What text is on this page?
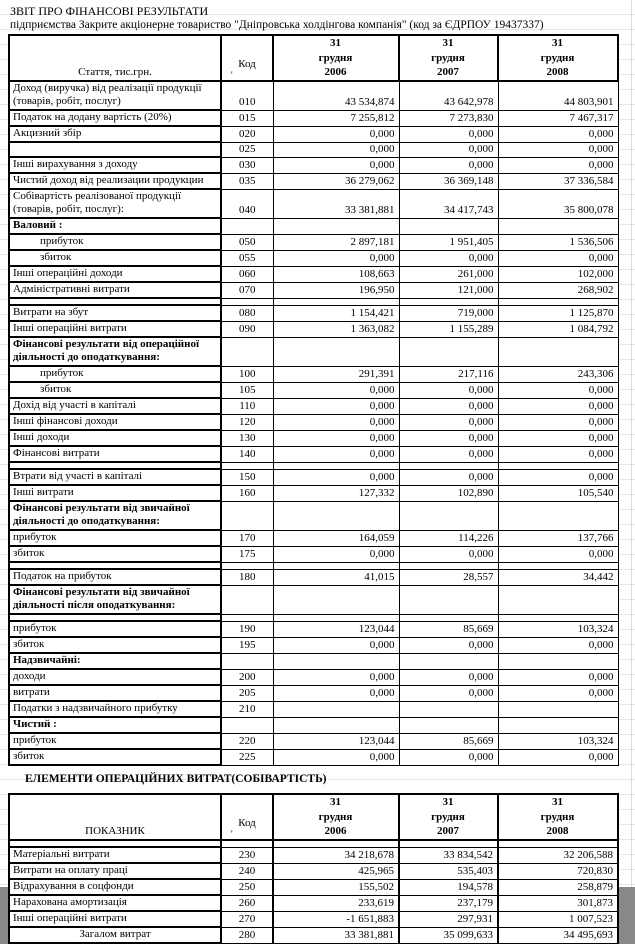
ЗВІТ ПРО ФІНАНСОВІ РЕЗУЛЬТАТИ
підприємства Закрите акціонерне товариство "Дніпровська холдінгова компанія" (код за ЄДРПОУ 19437337)
Стаття, тис.грн.	Код
'	31
грудня
2006	31
грудня
2007	31
грудня
2008

Доход (виручка) від реалізації продукції (товарів, робіт, послуг)	010	43 534,874	43 642,978	44 803,901
Податок на додану вартість (20%)	015	7 255,812	7 273,830	7 467,317
Акцизний збір	020	0,000	0,000	0,000
	025	0,000	0,000	0,000
Інші вирахування з доходу	030	0,000	0,000	0,000
Чистий доход від реализации продукции	035	36 279,062	36 369,148	37 336,584
Собівартість реалізованої продукції (товарів, робіт, послуг):	040	33 381,881	34 417,743	35 800,078
Валовий :				
прибуток	050	2 897,181	1 951,405	1 536,506
збиток	055	0,000	0,000	0,000
Інші операційні доходи	060	108,663	261,000	102,000
Адміністративні витрати	070	196,950	121,000	268,902

Витрати на збут	080	1 154,421	719,000	1 125,870
Інші операційні витрати	090	1 363,082	1 155,289	1 084,792
Фінансові результати від операційної діяльності до оподаткування:				
прибуток	100	291,391	217,116	243,306
збиток	105	0,000	0,000	0,000
Дохід від участі в капіталі	110	0,000	0,000	0,000
Інші фінансові доходи	120	0,000	0,000	0,000
Інші доходи	130	0,000	0,000	0,000
Фінансові витрати	140	0,000	0,000	0,000

Втрати від участі в капіталі	150	0,000	0,000	0,000
Інші витрати	160	127,332	102,890	105,540
Фінансові результати від звичайної діяльності до оподаткування:				
прибуток	170	164,059	114,226	137,766
збиток	175	0,000	0,000	0,000

Податок на прибуток	180	41,015	28,557	34,442
Фінансові результати від звичайної діяльності після оподаткування:				

прибуток	190	123,044	85,669	103,324
збиток	195	0,000	0,000	0,000
Надзвичайні:				
доходи	200	0,000	0,000	0,000
витрати	205	0,000	0,000	0,000
Податки з надзвичайного прибутку	210			
Чистий :				
прибуток	220	123,044	85,669	103,324
збиток	225	0,000	0,000	0,000
ЕЛЕМЕНТИ ОПЕРАЦІЙНИХ ВИТРАТ(СОБІВАРТІСТЬ)
ПОКАЗНИК	Код
'	31
грудня
2006	31
грудня
2007	31
грудня
2008

Матеріальні витрати	230	34 218,678	33 834,542	32 206,588
Витрати на оплату праці	240	425,965	535,403	720,830
Відрахування в соцфонди	250	155,502	194,578	258,879
Нарахована амортизація	260	233,619	237,179	301,873
Інші операційні витрати	270	-1 651,883	297,931	1 007,523
Загалом витрат	280	33 381,881	35 099,633	34 495,693
